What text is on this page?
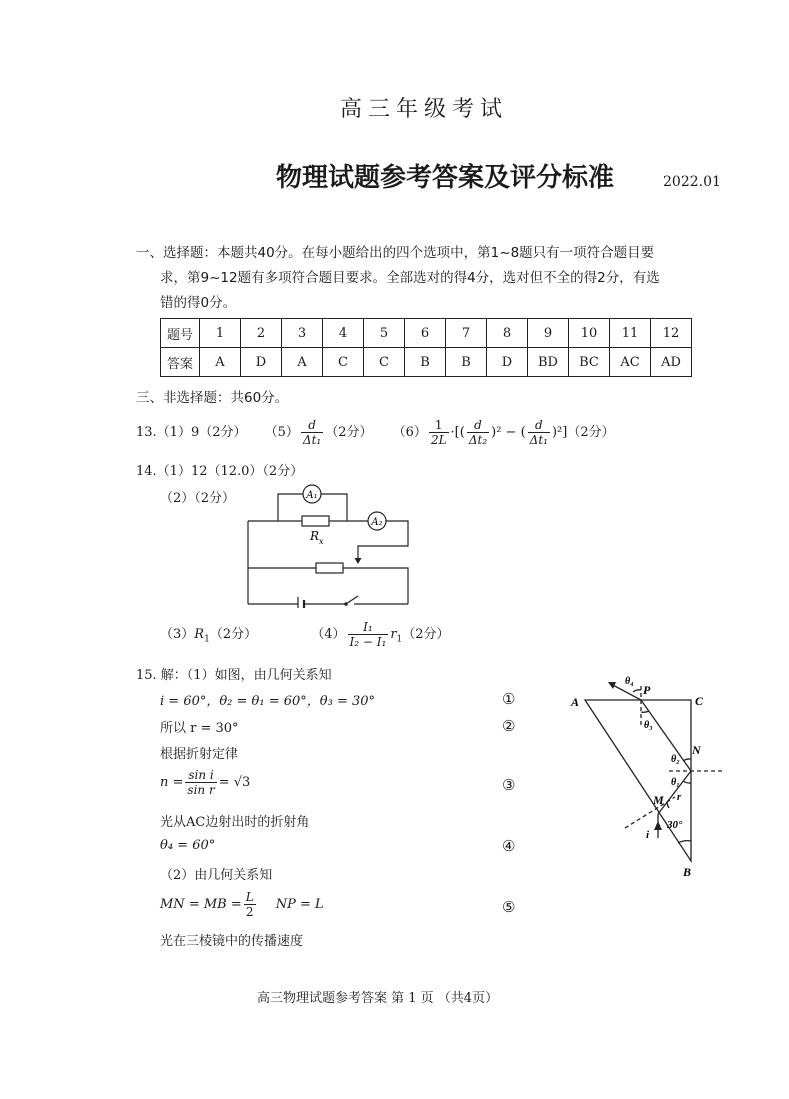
高三年级考试
物理试题参考答案及评分标准	2022.01
一、选择题：本题共40分。在每小题给出的四个选项中，第1~8题只有一项符合题目要
求，第9~12题有多项符合题目要求。全部选对的得4分，选对但不全的得2分，有选
错的得0分。
题号	1	2	3	4	5	6	7	8	9	10	11	12
答案	A	D	A	C	C	B	B	D	BD	BC	AC	AD
三、非选择题：共60分。
13.（1）9（2分） $(5) \frac{d}{\text{Δt₁}} (2$分） $(6) \frac{1}{2L}$ ·[( $\frac{d}{\text{Δt₂}} )^2$ − ( $\frac{d}{\text{Δt₁}} )^2](2$分）
14.（1）12（12.0）（2分）
（2）（2分）	A₁
A₂
R x
$(3)R_1(2$分）	$(4) \frac{\text{I₁}}{\text{I₂ − I₁}} r_1(2$分）
15. 解：（1）如图，由几何关系知
i = 60°，θ₂ = θ₁ = 60°，θ₃ = 30°
所以 r = 30°
根据折射定律
$n = \frac{\text{sin i}}{\text{sin r}} = √3$
光从AC边射出时的折射角
θ₄ = 60°
（2）由几何关系知
MN = MB = $\frac{L}{2}$ NP = L
光在三棱镜中的传播速度
①
②
③
④
⑤
A	C
N
B
M
P
θ₄
θ₃
θ₂
θ₁
r
i
30°
高三物理试题参考答案 第 1 页 （共4页）
